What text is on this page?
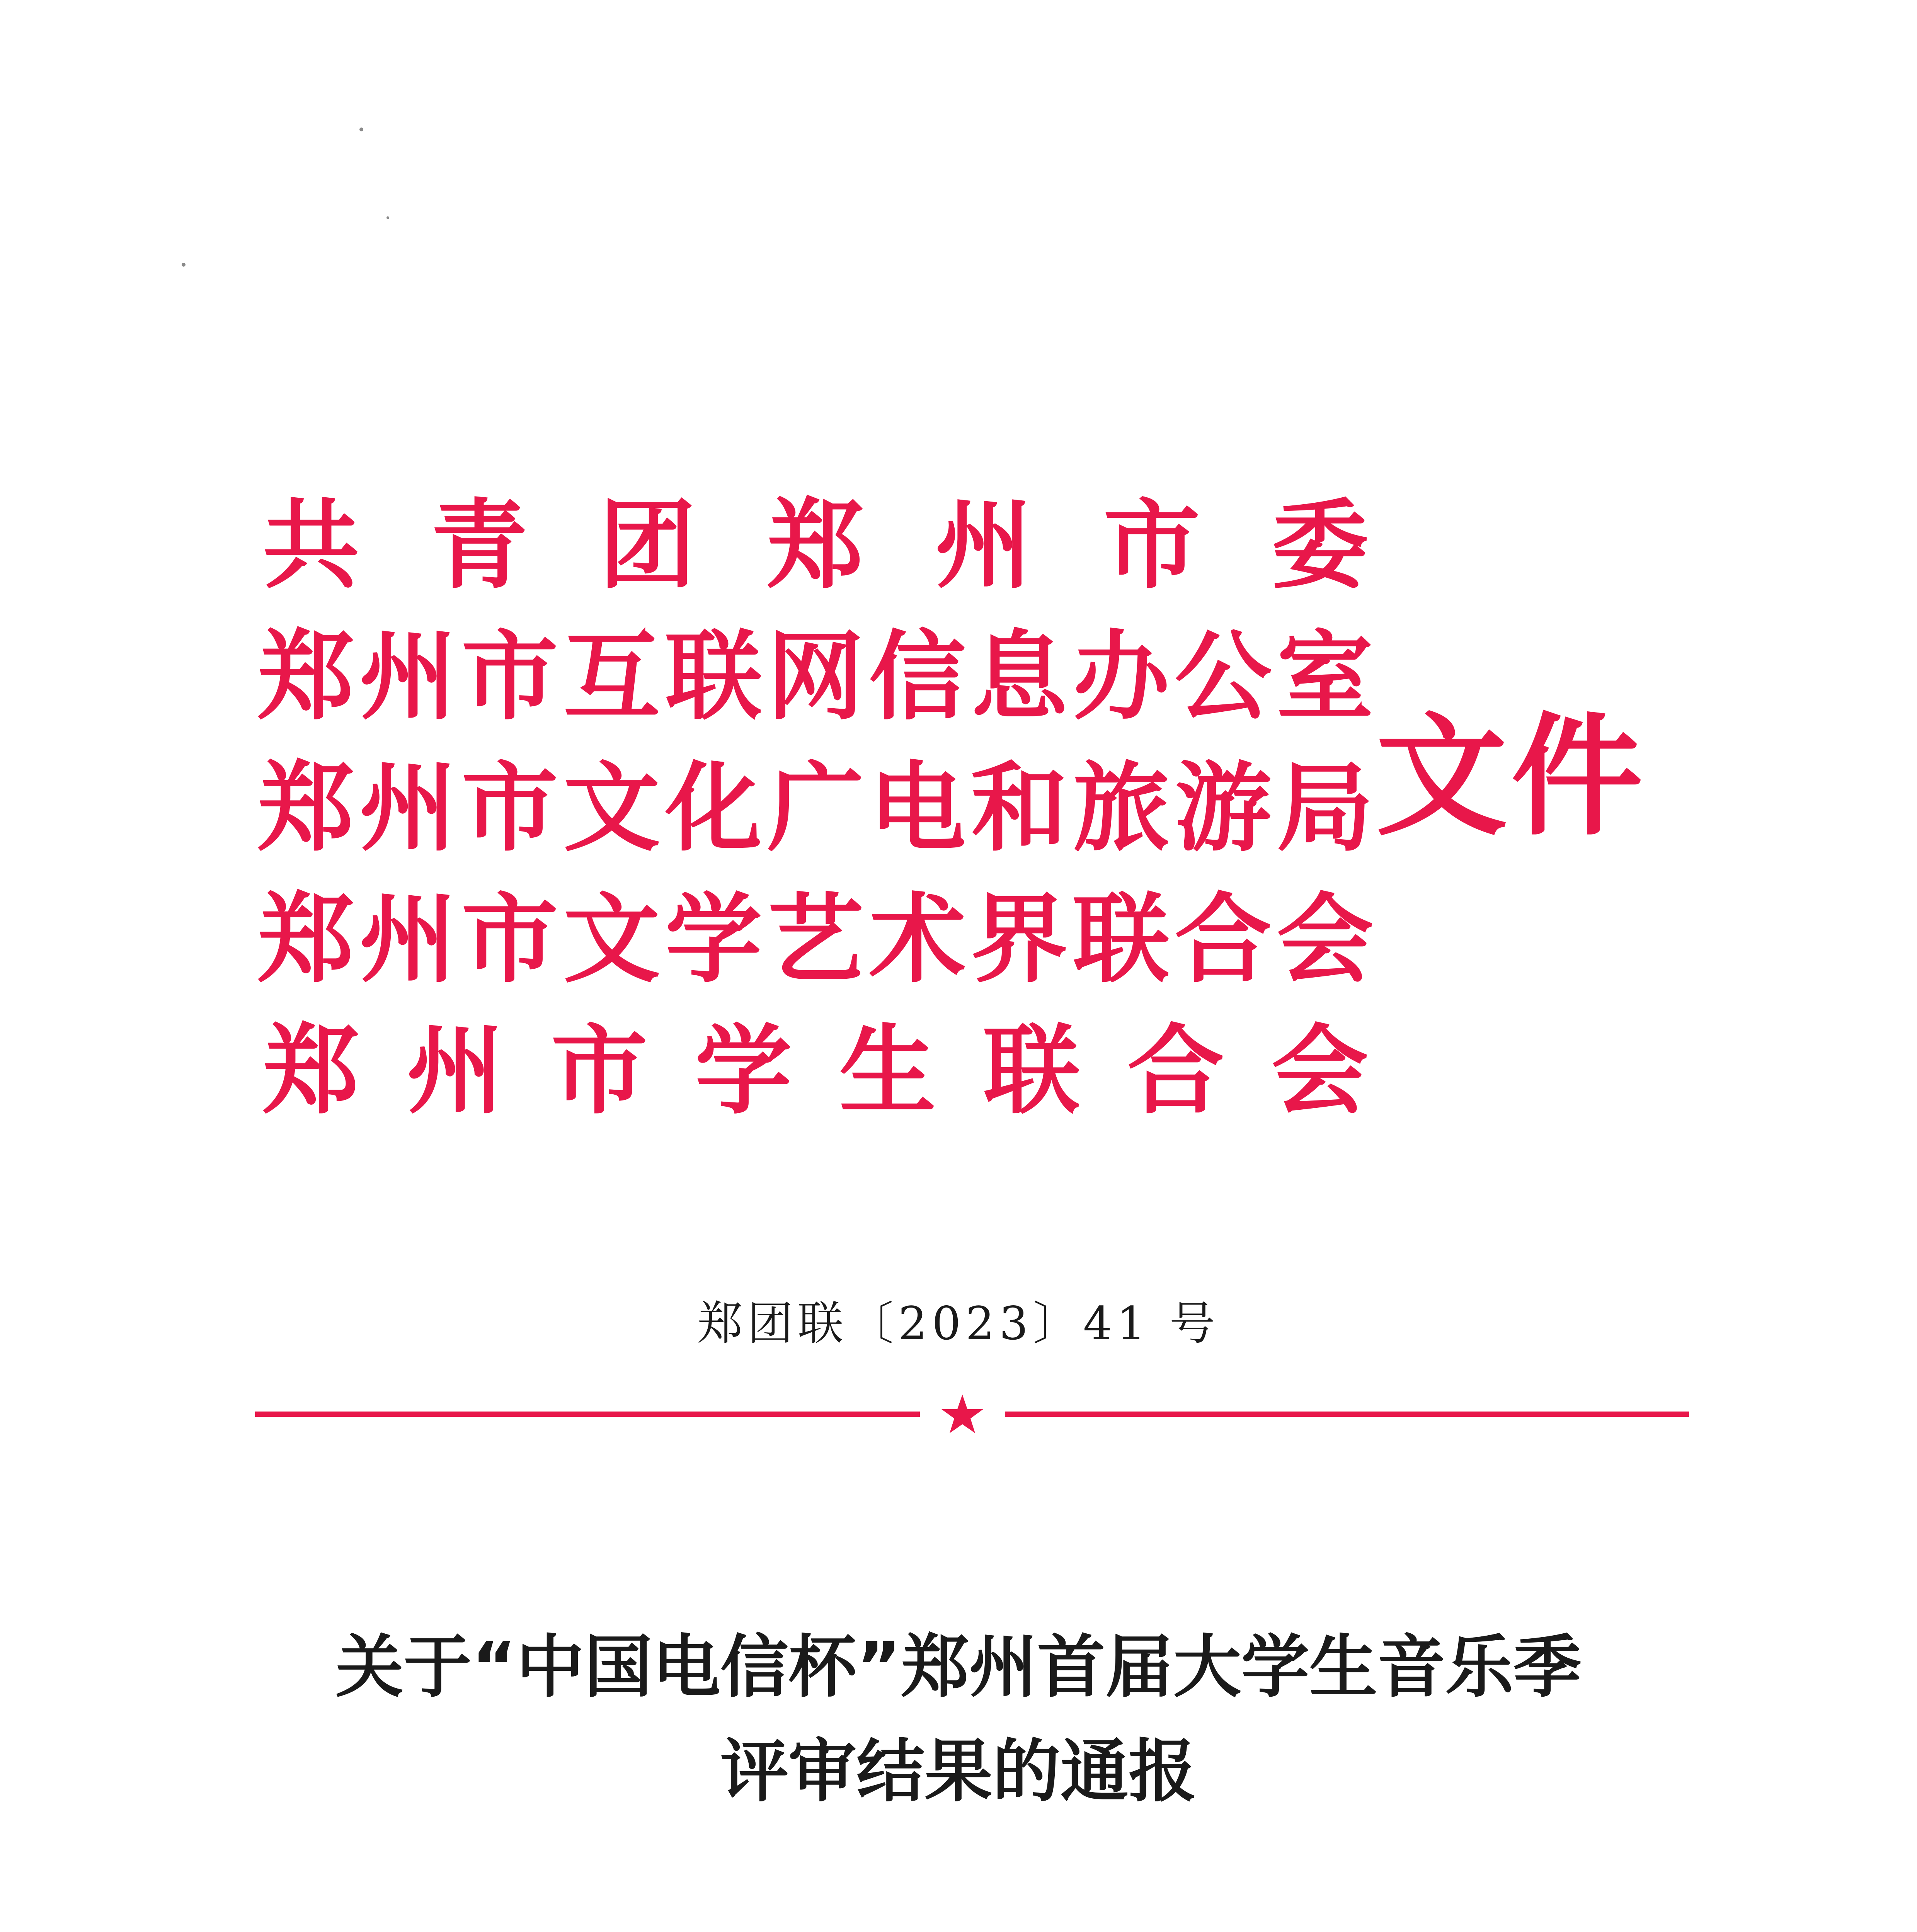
共 青 团 郑 州 市 委
郑 州 市 互 联 网 信 息 办 公 室
郑 州 市 文 化 广 电 和 旅 游 局
郑 州 市 文 学 艺 术 界 联 合 会
郑 州 市 学 生 联 合 会
文件
郑团联〔2023〕41 号
关于“中国电信杯”郑州首届大学生音乐季
评审结果的通报
